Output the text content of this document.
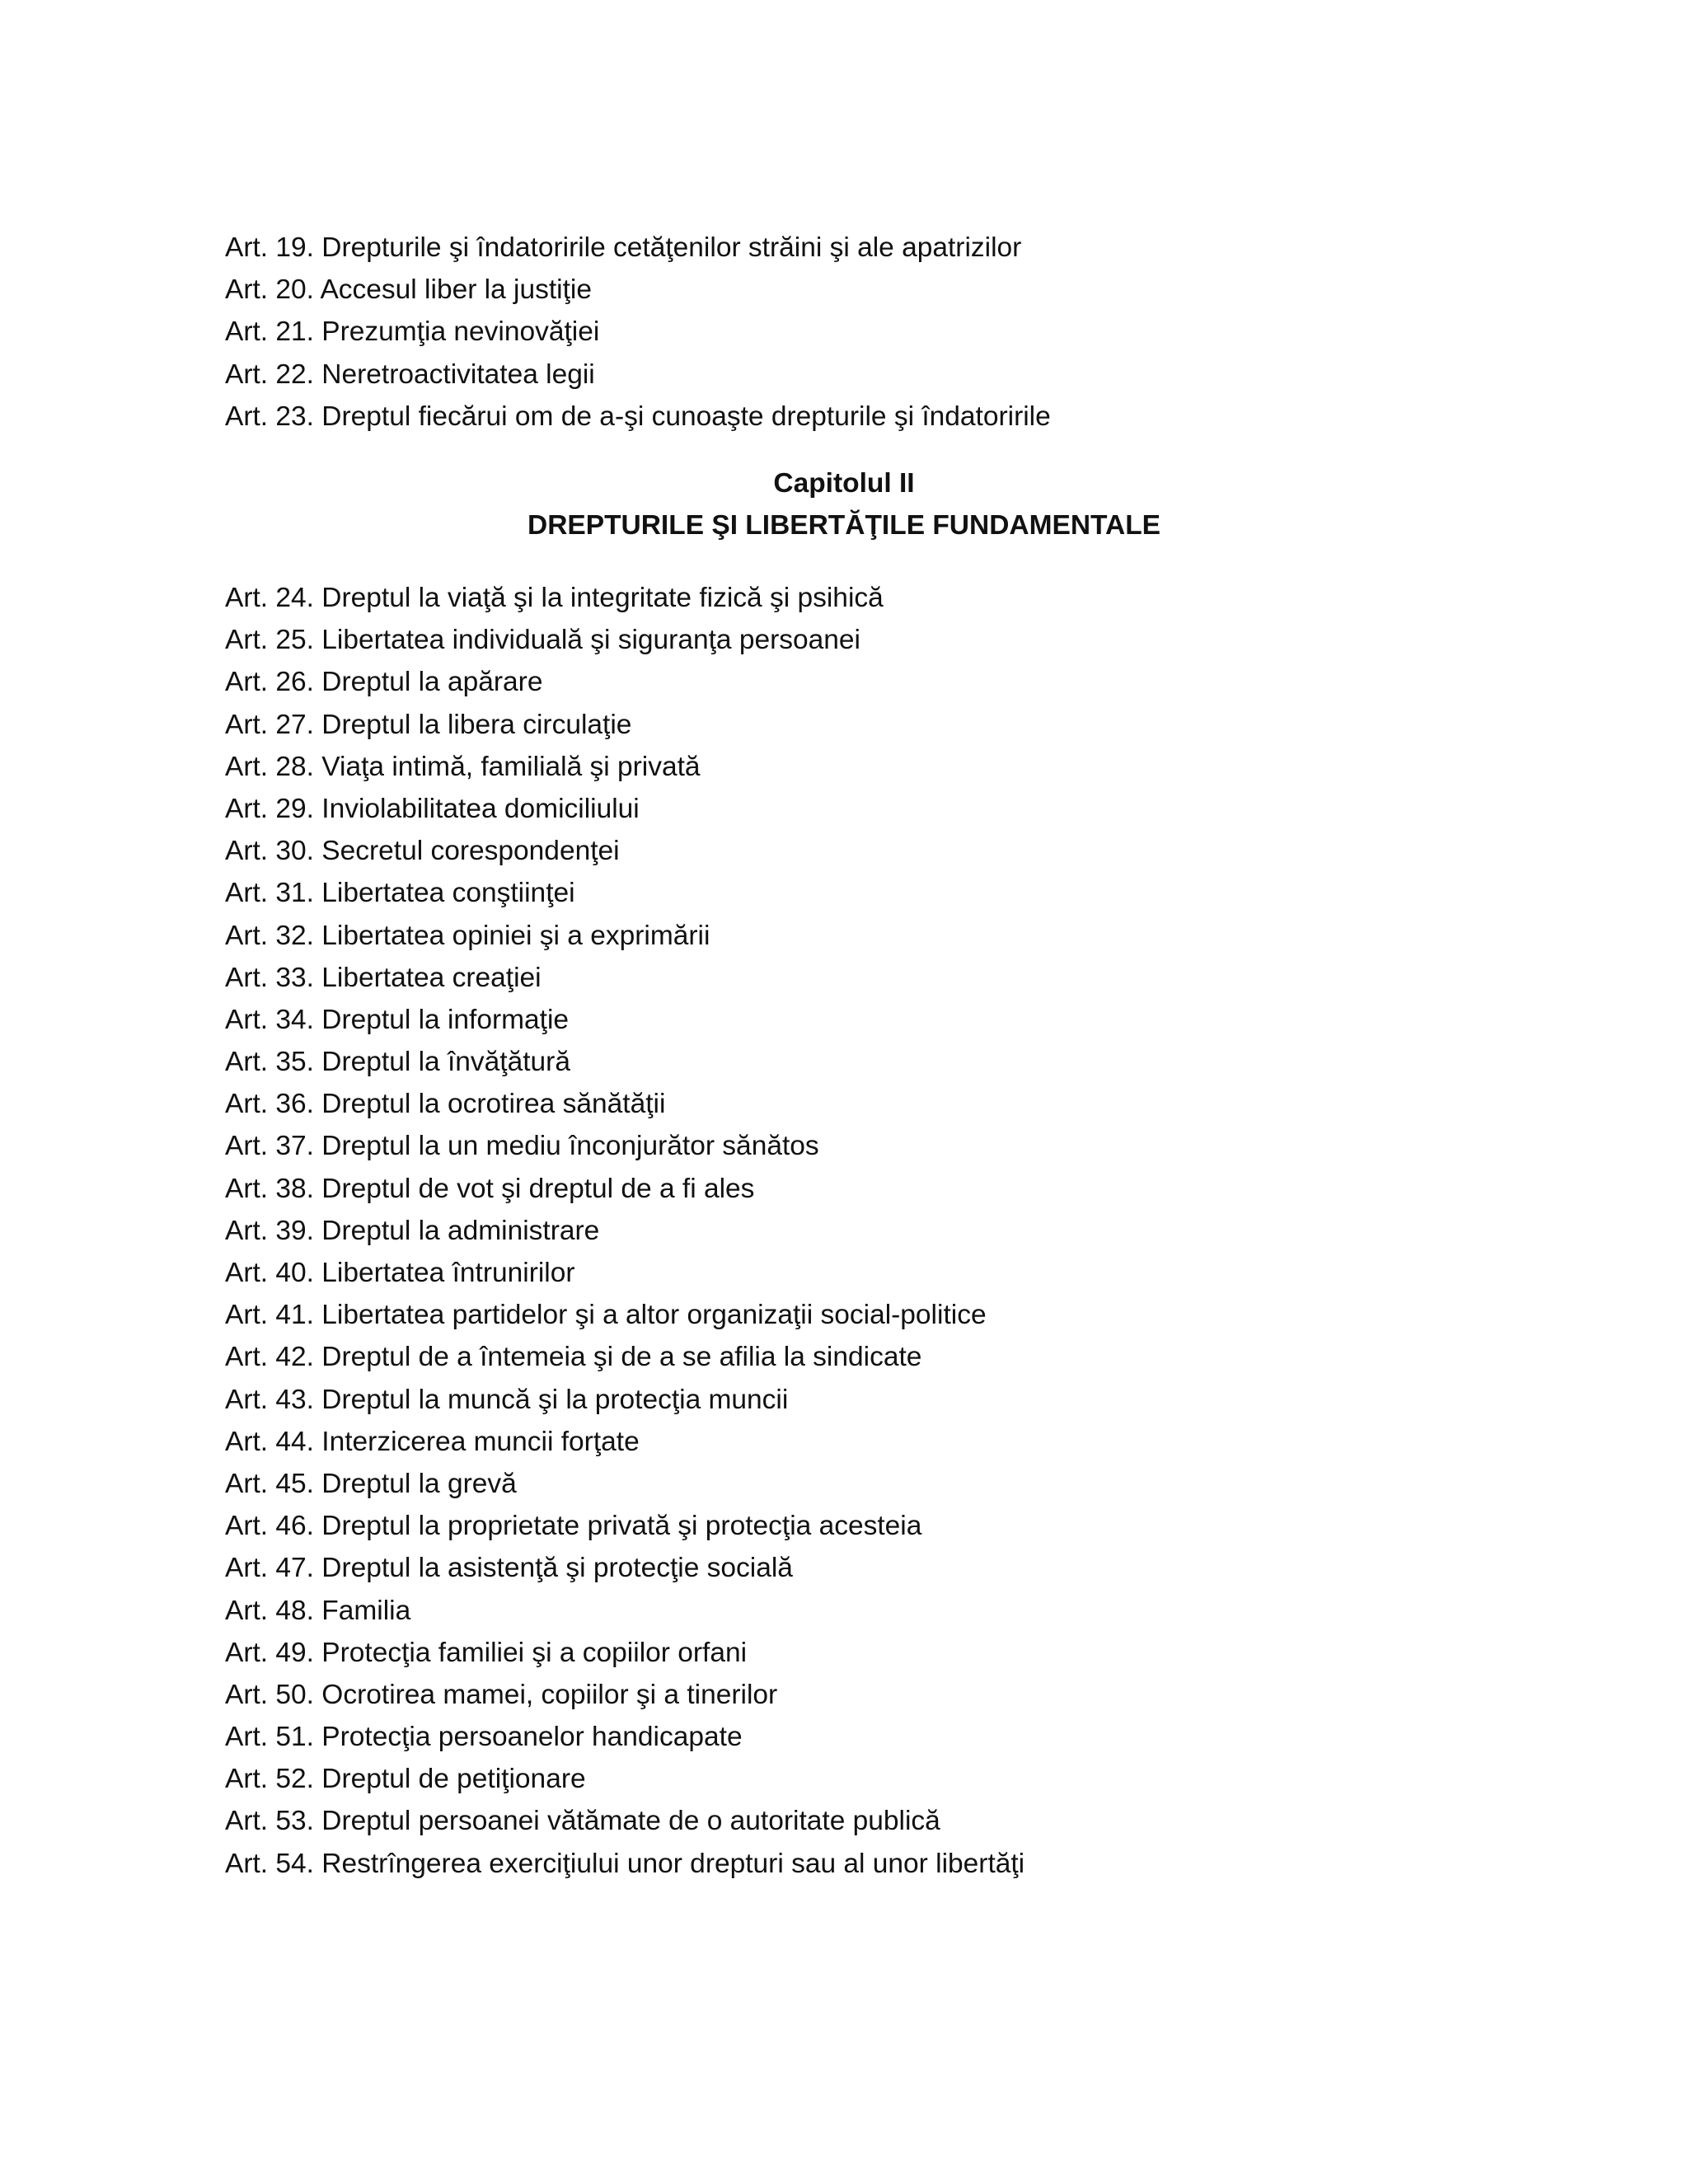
Art. 19. Drepturile şi îndatoririle cetăţenilor străini şi ale apatrizilor
Art. 20. Accesul liber la justiţie
Art. 21. Prezumţia nevinovăţiei
Art. 22. Neretroactivitatea legii
Art. 23. Dreptul fiecărui om de a-şi cunoaşte drepturile şi îndatoririle
Capitolul II
DREPTURILE ŞI LIBERTĂŢILE FUNDAMENTALE
Art. 24. Dreptul la viaţă şi la integritate fizică şi psihică
Art. 25. Libertatea individuală şi siguranţa persoanei
Art. 26. Dreptul la apărare
Art. 27. Dreptul la libera circulaţie
Art. 28. Viaţa intimă, familială şi privată
Art. 29. Inviolabilitatea domiciliului
Art. 30. Secretul corespondenţei
Art. 31. Libertatea conştiinţei
Art. 32. Libertatea opiniei şi a exprimării
Art. 33. Libertatea creaţiei
Art. 34. Dreptul la informaţie
Art. 35. Dreptul la învăţătură
Art. 36. Dreptul la ocrotirea sănătăţii
Art. 37. Dreptul la un mediu înconjurător sănătos
Art. 38. Dreptul de vot şi dreptul de a fi ales
Art. 39. Dreptul la administrare
Art. 40. Libertatea întrunirilor
Art. 41. Libertatea partidelor şi a altor organizaţii social-politice
Art. 42. Dreptul de a întemeia şi de a se afilia la sindicate
Art. 43. Dreptul la muncă şi la protecţia muncii
Art. 44. Interzicerea muncii forţate
Art. 45. Dreptul la grevă
Art. 46. Dreptul la proprietate privată şi protecţia acesteia
Art. 47. Dreptul la asistenţă şi protecţie socială
Art. 48. Familia
Art. 49. Protecţia familiei şi a copiilor orfani
Art. 50. Ocrotirea mamei, copiilor şi a tinerilor
Art. 51. Protecţia persoanelor handicapate
Art. 52. Dreptul de petiţionare
Art. 53. Dreptul persoanei vătămate de o autoritate publică
Art. 54. Restrîngerea exerciţiului unor drepturi sau al unor libertăţi
